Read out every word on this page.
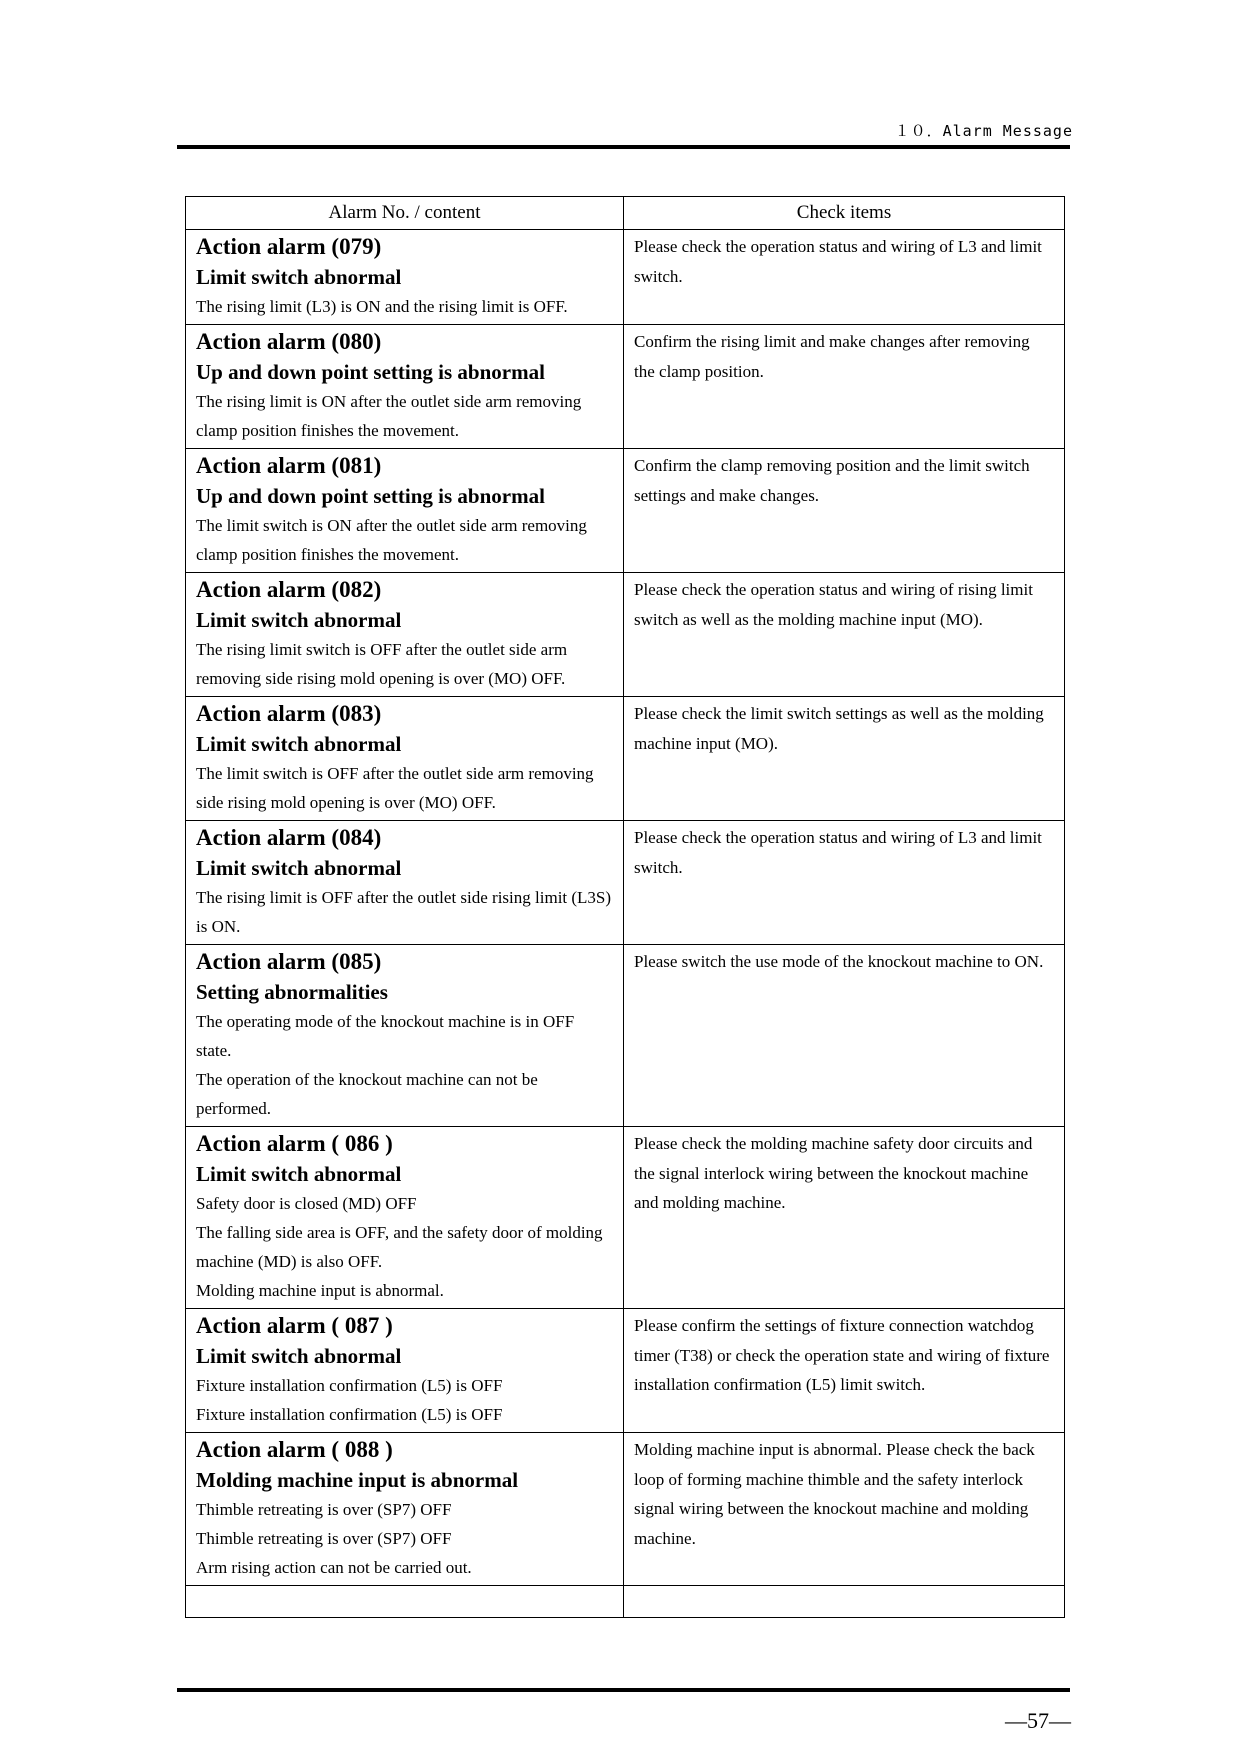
１０．Alarm Message
Alarm No. / content	Check items

Action alarm (079)
Limit switch abnormal
The rising limit (L3) is ON and the rising limit is OFF.	Please check the operation status and wiring of L3 and limit switch.

Action alarm (080)
Up and down point setting is abnormal
The rising limit is ON after the outlet side arm removing clamp position finishes the movement.	Confirm the rising limit and make changes after removing the clamp position.

Action alarm (081)
Up and down point setting is abnormal
The limit switch is ON after the outlet side arm removing clamp position finishes the movement.	Confirm the clamp removing position and the limit switch settings and make changes.

Action alarm (082)
Limit switch abnormal
The rising limit switch is OFF after the outlet side arm removing side rising mold opening is over (MO) OFF.	Please check the operation status and wiring of rising limit switch as well as the molding machine input (MO).

Action alarm (083)
Limit switch abnormal
The limit switch is OFF after the outlet side arm removing side rising mold opening is over (MO) OFF.	Please check the limit switch settings as well as the molding machine input (MO).

Action alarm (084)
Limit switch abnormal
The rising limit is OFF after the outlet side rising limit (L3S) is ON.	Please check the operation status and wiring of L3 and limit switch.

Action alarm (085)
Setting abnormalities
The operating mode of the knockout machine is in OFF state.
The operation of the knockout machine can not be performed.	Please switch the use mode of the knockout machine to ON.

Action alarm ( 086 )
Limit switch abnormal
Safety door is closed (MD) OFF
The falling side area is OFF, and the safety door of molding machine (MD) is also OFF.
Molding machine input is abnormal.	Please check the molding machine safety door circuits and the signal interlock wiring between the knockout machine and molding machine.

Action alarm ( 087 )
Limit switch abnormal
Fixture installation confirmation (L5) is OFF
Fixture installation confirmation (L5) is OFF	Please confirm the settings of fixture connection watchdog timer (T38) or check the operation state and wiring of fixture installation confirmation (L5) limit switch.

Action alarm ( 088 )
Molding machine input is abnormal
Thimble retreating is over (SP7) OFF
Thimble retreating is over (SP7) OFF
Arm rising action can not be carried out.	Molding machine input is abnormal. Please check the back loop of forming machine thimble and the safety interlock signal wiring between the knockout machine and molding machine.

—57—
